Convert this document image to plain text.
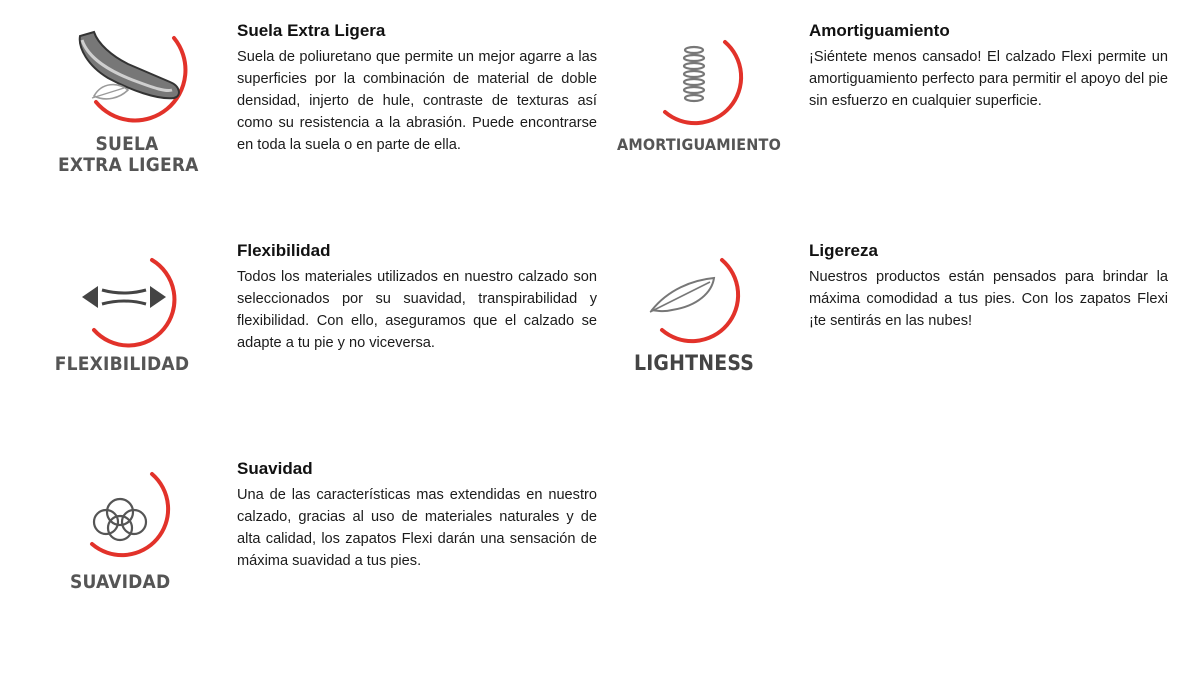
SUELA
EXTRA LIGERA
Suela Extra Ligera
Suela de poliuretano que permite un mejor agarre a las superficies por la combinación de material de doble densidad, injerto de hule, contraste de texturas así como su resistencia a la abrasión. Puede encontrarse en toda la suela o en parte de ella.	AMORTIGUAMIENTO
Amortiguamiento
¡Siéntete menos cansado! El calzado Flexi permite un amortiguamiento perfecto para permitir el apoyo del pie sin esfuerzo en cualquier superficie.
FLEXIBILIDAD
Flexibilidad
Todos los materiales utilizados en nuestro calzado son seleccionados por su suavidad, transpirabilidad y flexibilidad. Con ello, aseguramos que el calzado se adapte a tu pie y no viceversa.
LIGHTNESS
Ligereza
Nuestros productos están pensados para brindar la máxima comodidad a tus pies. Con los zapatos Flexi ¡te sentirás en las nubes!
SUAVIDAD
Suavidad
Una de las características mas extendidas en nuestro calzado, gracias al uso de materiales naturales y de alta calidad, los zapatos Flexi darán una sensación de máxima suavidad a tus pies.
